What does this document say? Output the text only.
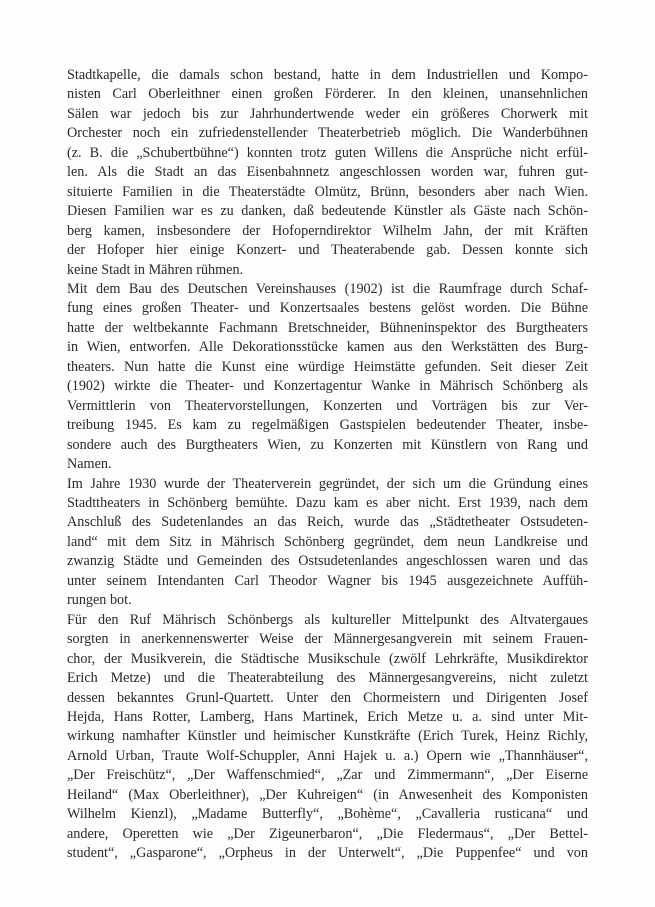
Stadtkapelle, die damals schon bestand, hatte in dem Industriellen und Kompo-
nisten Carl Oberleithner einen großen Förderer. In den kleinen, unansehnlichen
Sälen war jedoch bis zur Jahrhundertwende weder ein größeres Chorwerk mit
Orchester noch ein zufriedenstellender Theaterbetrieb möglich. Die Wanderbühnen
(z. B. die „Schubertbühne“) konnten trotz guten Willens die Ansprüche nicht erfül-
len. Als die Stadt an das Eisenbahnnetz angeschlossen worden war, fuhren gut-
situierte Familien in die Theaterstädte Olmütz, Brünn, besonders aber nach Wien.
Diesen Familien war es zu danken, daß bedeutende Künstler als Gäste nach Schön-
berg kamen, insbesondere der Hofoperndirektor Wilhelm Jahn, der mit Kräften
der Hofoper hier einige Konzert- und Theaterabende gab. Dessen konnte sich
keine Stadt in Mähren rühmen.
Mit dem Bau des Deutschen Vereinshauses (1902) ist die Raumfrage durch Schaf-
fung eines großen Theater- und Konzertsaales bestens gelöst worden. Die Bühne
hatte der weltbekannte Fachmann Bretschneider, Bühneninspektor des Burgtheaters
in Wien, entworfen. Alle Dekorationsstücke kamen aus den Werkstätten des Burg-
theaters. Nun hatte die Kunst eine würdige Heimstätte gefunden. Seit dieser Zeit
(1902) wirkte die Theater- und Konzertagentur Wanke in Mährisch Schönberg als
Vermittlerin von Theatervorstellungen, Konzerten und Vorträgen bis zur Ver-
treibung 1945. Es kam zu regelmäßigen Gastspielen bedeutender Theater, insbe-
sondere auch des Burgtheaters Wien, zu Konzerten mit Künstlern von Rang und
Namen.
Im Jahre 1930 wurde der Theaterverein gegründet, der sich um die Gründung eines
Stadttheaters in Schönberg bemühte. Dazu kam es aber nicht. Erst 1939, nach dem
Anschluß des Sudetenlandes an das Reich, wurde das „Städtetheater Ostsudeten-
land“ mit dem Sitz in Mährisch Schönberg gegründet, dem neun Landkreise und
zwanzig Städte und Gemeinden des Ostsudetenlandes angeschlossen waren und das
unter seinem Intendanten Carl Theodor Wagner bis 1945 ausgezeichnete Auffüh-
rungen bot.
Für den Ruf Mährisch Schönbergs als kultureller Mittelpunkt des Altvatergaues
sorgten in anerkennenswerter Weise der Männergesangverein mit seinem Frauen-
chor, der Musikverein, die Städtische Musikschule (zwölf Lehrkräfte, Musikdirektor
Erich Metze) und die Theaterabteilung des Männergesangvereins, nicht zuletzt
dessen bekanntes Grunl-Quartett. Unter den Chormeistern und Dirigenten Josef
Hejda, Hans Rotter, Lamberg, Hans Martinek, Erich Metze u. a. sind unter Mit-
wirkung namhafter Künstler und heimischer Kunstkräfte (Erich Turek, Heinz Richly,
Arnold Urban, Traute Wolf-Schuppler, Anni Hajek u. a.) Opern wie „Thannhäuser“,
„Der Freischütz“, „Der Waffenschmied“, „Zar und Zimmermann“, „Der Eiserne
Heiland“ (Max Oberleithner), „Der Kuhreigen“ (in Anwesenheit des Komponisten
Wilhelm Kienzl), „Madame Butterfly“, „Bohème“, „Cavalleria rusticana“ und
andere, Operetten wie „Der Zigeunerbaron“, „Die Fledermaus“, „Der Bettel-
student“, „Gasparone“, „Orpheus in der Unterwelt“, „Die Puppenfee“ und von
